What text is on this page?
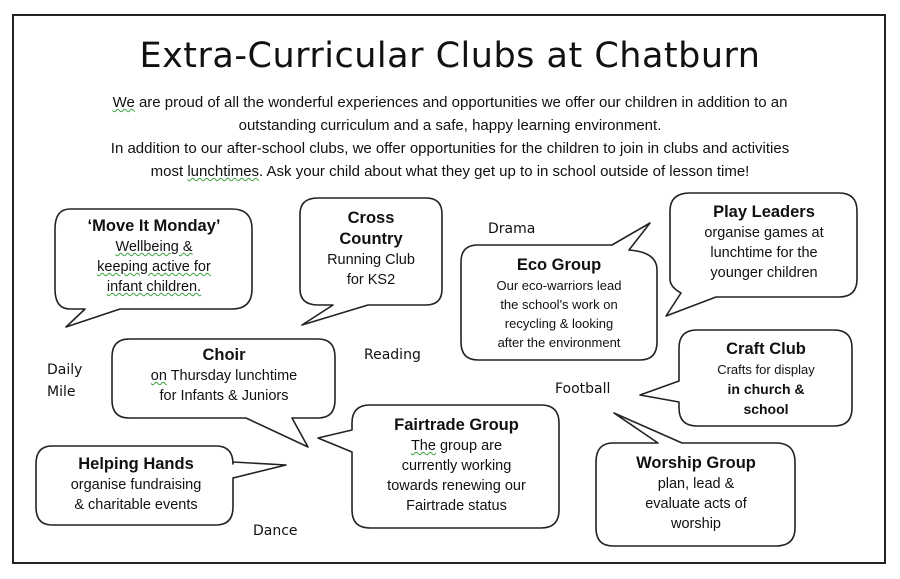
Extra-Curricular Clubs at Chatburn
We are proud of all the wonderful experiences and opportunities we offer our children in addition to an
outstanding curriculum and a safe, happy learning environment.
In addition to our after-school clubs, we offer opportunities for the children to join in clubs and activities
most lunchtimes. Ask your child about what they get up to in school outside of lesson time!
‘Move It Monday’
Wellbeing &
keeping active for
infant children.
Cross
Country
Running Club
for KS2
Eco Group
Our eco-warriors lead
the school's work on
recycling & looking
after the environment
Play Leaders
organise games at
lunchtime for the
younger children
Choir
on Thursday lunchtime
for Infants & Juniors
Craft Club
Crafts for display
in church &
school
Helping Hands
organise fundraising
& charitable events
Fairtrade Group
The group are
currently working
towards renewing our
Fairtrade status
Worship Group
plan, lead &
evaluate acts of
worship
Drama
Daily
Mile
Reading
Football
Dance
